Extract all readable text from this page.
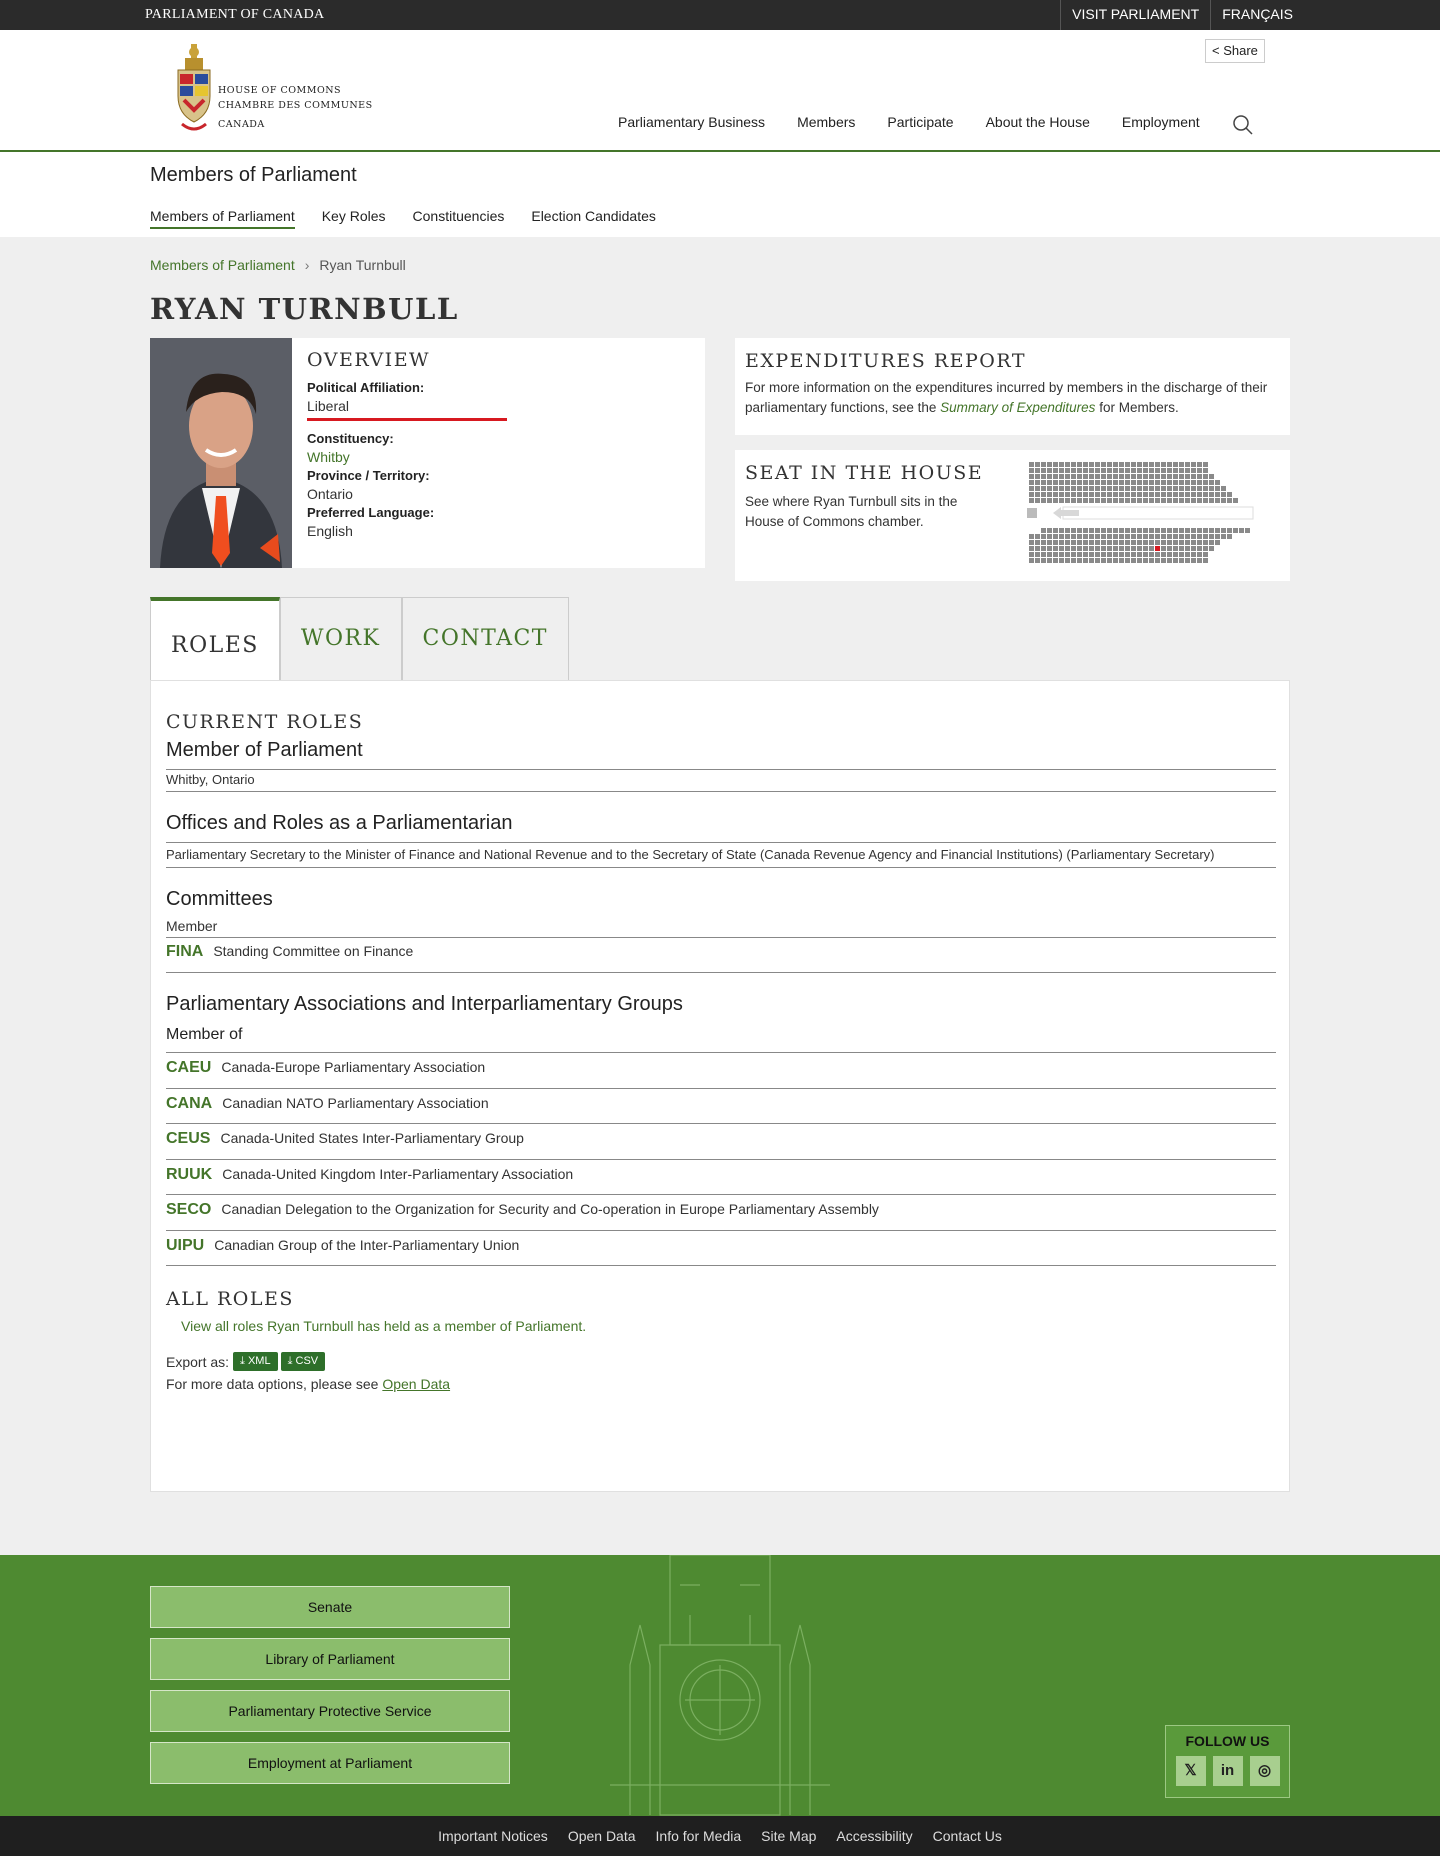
PARLIAMENT OF CANADA	VISIT PARLIAMENT	FRANÇAIS
HOUSE OF COMMONS
CHAMBRE DES COMMUNES
CANADA
< Share
Parliamentary Business Members Participate About the House Employment
Members of Parliament
Members of Parliament Key Roles Constituencies Election Candidates
Members of Parliament › Ryan Turnbull
RYAN TURNBULL
OVERVIEW
Political Affiliation:
Liberal
Constituency:
Whitby
Province / Territory:
Ontario
Preferred Language:
English
EXPENDITURES REPORT
For more information on the expenditures incurred by members in the discharge of their parliamentary functions, see the Summary of Expenditures for Members.
SEAT IN THE HOUSE
See where Ryan Turnbull sits in the House of Commons chamber.
ROLES	WORK	CONTACT
CURRENT ROLES
Member of Parliament
Whitby, Ontario
Offices and Roles as a Parliamentarian
Parliamentary Secretary to the Minister of Finance and National Revenue and to the Secretary of State (Canada Revenue Agency and Financial Institutions) (Parliamentary Secretary)
Committees
Member
FINA Standing Committee on Finance
Parliamentary Associations and Interparliamentary Groups
Member of
CAEU Canada-Europe Parliamentary Association
CANA Canadian NATO Parliamentary Association
CEUS Canada-United States Inter-Parliamentary Group
RUUK Canada-United Kingdom Inter-Parliamentary Association
SECO Canadian Delegation to the Organization for Security and Co-operation in Europe Parliamentary Assembly
UIPU Canadian Group of the Inter-Parliamentary Union
ALL ROLES
View all roles Ryan Turnbull has held as a member of Parliament.
Export as:	⤓ XML	⤓ CSV
For more data options, please see Open Data
Senate
Library of Parliament
Parliamentary Protective Service
Employment at Parliament
FOLLOW US
𝕏	in	◎
Important Notices Open Data Info for Media Site Map Accessibility Contact Us
